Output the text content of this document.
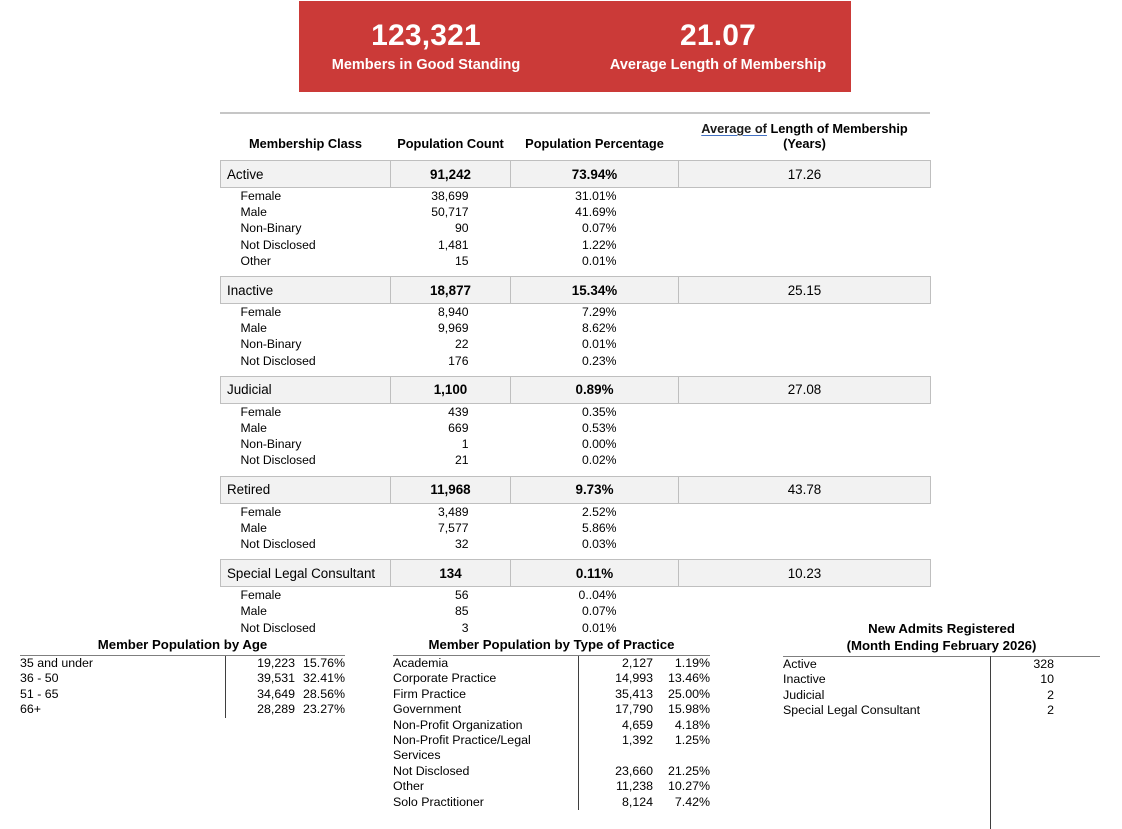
123,321
Members in Good Standing
21.07
Average Length of Membership
Membership Class	Population Count	Population Percentage	Average of Length of Membership
(Years)
Active	91,242	73.94%	17.26
Female	38,699	31.01%	
Male	50,717	41.69%	
Non-Binary	90	0.07%	
Not Disclosed	1,481	1.22%	
Other	15	0.01%	

Inactive	18,877	15.34%	25.15
Female	8,940	7.29%	
Male	9,969	8.62%	
Non-Binary	22	0.01%	
Not Disclosed	176	0.23%	

Judicial	1,100	0.89%	27.08
Female	439	0.35%	
Male	669	0.53%	
Non-Binary	1	0.00%	
Not Disclosed	21	0.02%	

Retired	11,968	9.73%	43.78
Female	3,489	2.52%	
Male	7,577	5.86%	
Not Disclosed	32	0.03%	

Special Legal Consultant	134	0.11%	10.23
Female	56	0..04%	
Male	85	0.07%	
Not Disclosed	3	0.01%	
Member Population by Age
35 and under	19,223	15.76%
36 - 50	39,531	32.41%
51 - 65	34,649	28.56%
66+	28,289	23.27%
Member Population by Type of Practice
Academia	2,127	1.19%
Corporate Practice	14,993	13.46%
Firm Practice	35,413	25.00%
Government	17,790	15.98%
Non-Profit Organization	4,659	4.18%
Non-Profit Practice/Legal Services	1,392	1.25%
Not Disclosed	23,660	21.25%
Other	11,238	10.27%
Solo Practitioner	8,124	7.42%
New Admits Registered
(Month Ending February 2026)
Active	328
Inactive	10
Judicial	2
Special Legal Consultant	2
